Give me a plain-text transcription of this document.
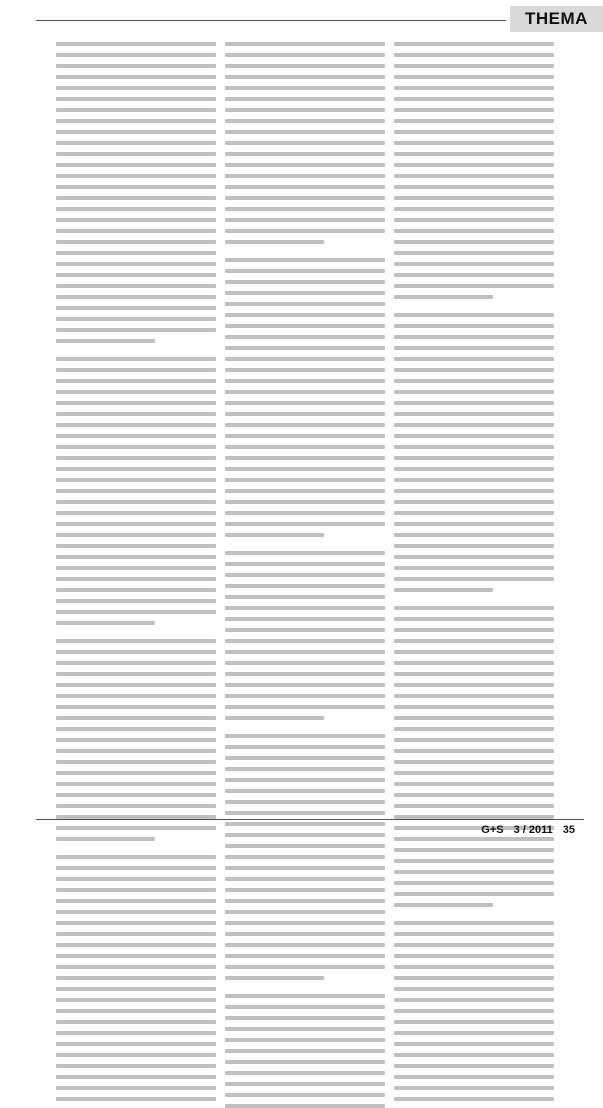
THEMA
G+S 3 / 2011 35
